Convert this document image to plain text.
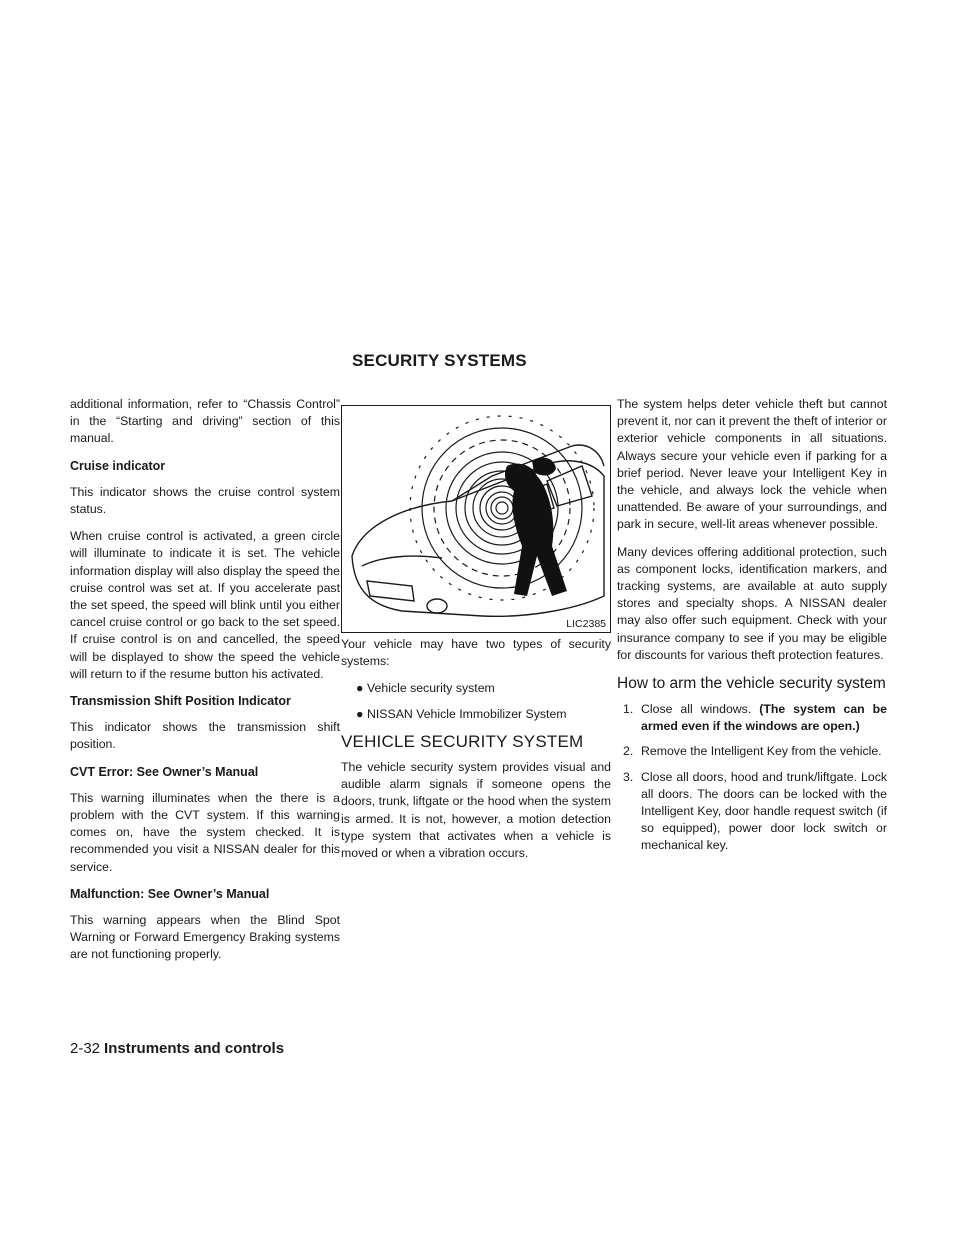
SECURITY SYSTEMS

additional information, refer to “Chassis Control” in the “Starting and driving” section of this manual.

Cruise indicator

This indicator shows the cruise control system status.

When cruise control is activated, a green circle will illuminate to indicate it is set. The vehicle information display will also display the speed the cruise control was set at. If you accelerate past the set speed, the speed will blink until you either cancel cruise control or go back to the set speed. If cruise control is on and cancelled, the speed will be displayed to show the speed the vehicle will return to if the resume button his activated.

Transmission Shift Position Indicator

This indicator shows the transmission shift position.

CVT Error: See Owner’s Manual

This warning illuminates when the there is a problem with the CVT system. If this warning comes on, have the system checked. It is recommended you visit a NISSAN dealer for this service.

Malfunction: See Owner’s Manual

This warning appears when the Blind Spot Warning or Forward Emergency Braking systems are not functioning properly.

LIC2385

Your vehicle may have two types of security systems:

● Vehicle security system
● NISSAN Vehicle Immobilizer System
VEHICLE SECURITY SYSTEM

The vehicle security system provides visual and audible alarm signals if someone opens the doors, trunk, liftgate or the hood when the system is armed. It is not, however, a motion detection type system that activates when a vehicle is moved or when a vibration occurs.

The system helps deter vehicle theft but cannot prevent it, nor can it prevent the theft of interior or exterior vehicle components in all situations. Always secure your vehicle even if parking for a brief period. Never leave your Intelligent Key in the vehicle, and always lock the vehicle when unattended. Be aware of your surroundings, and park in secure, well-lit areas whenever possible.

Many devices offering additional protection, such as component locks, identification markers, and tracking systems, are available at auto supply stores and specialty shops. A NISSAN dealer may also offer such equipment. Check with your insurance company to see if you may be eligible for discounts for various theft protection features.

How to arm the vehicle security system
1. Close all windows. (The system can be armed even if the windows are open.)
2. Remove the Intelligent Key from the vehicle.
3. Close all doors, hood and trunk/liftgate. Lock all doors. The doors can be locked with the Intelligent Key, door handle request switch (if so equipped), power door lock switch or mechanical key.
2-32 Instruments and controls
